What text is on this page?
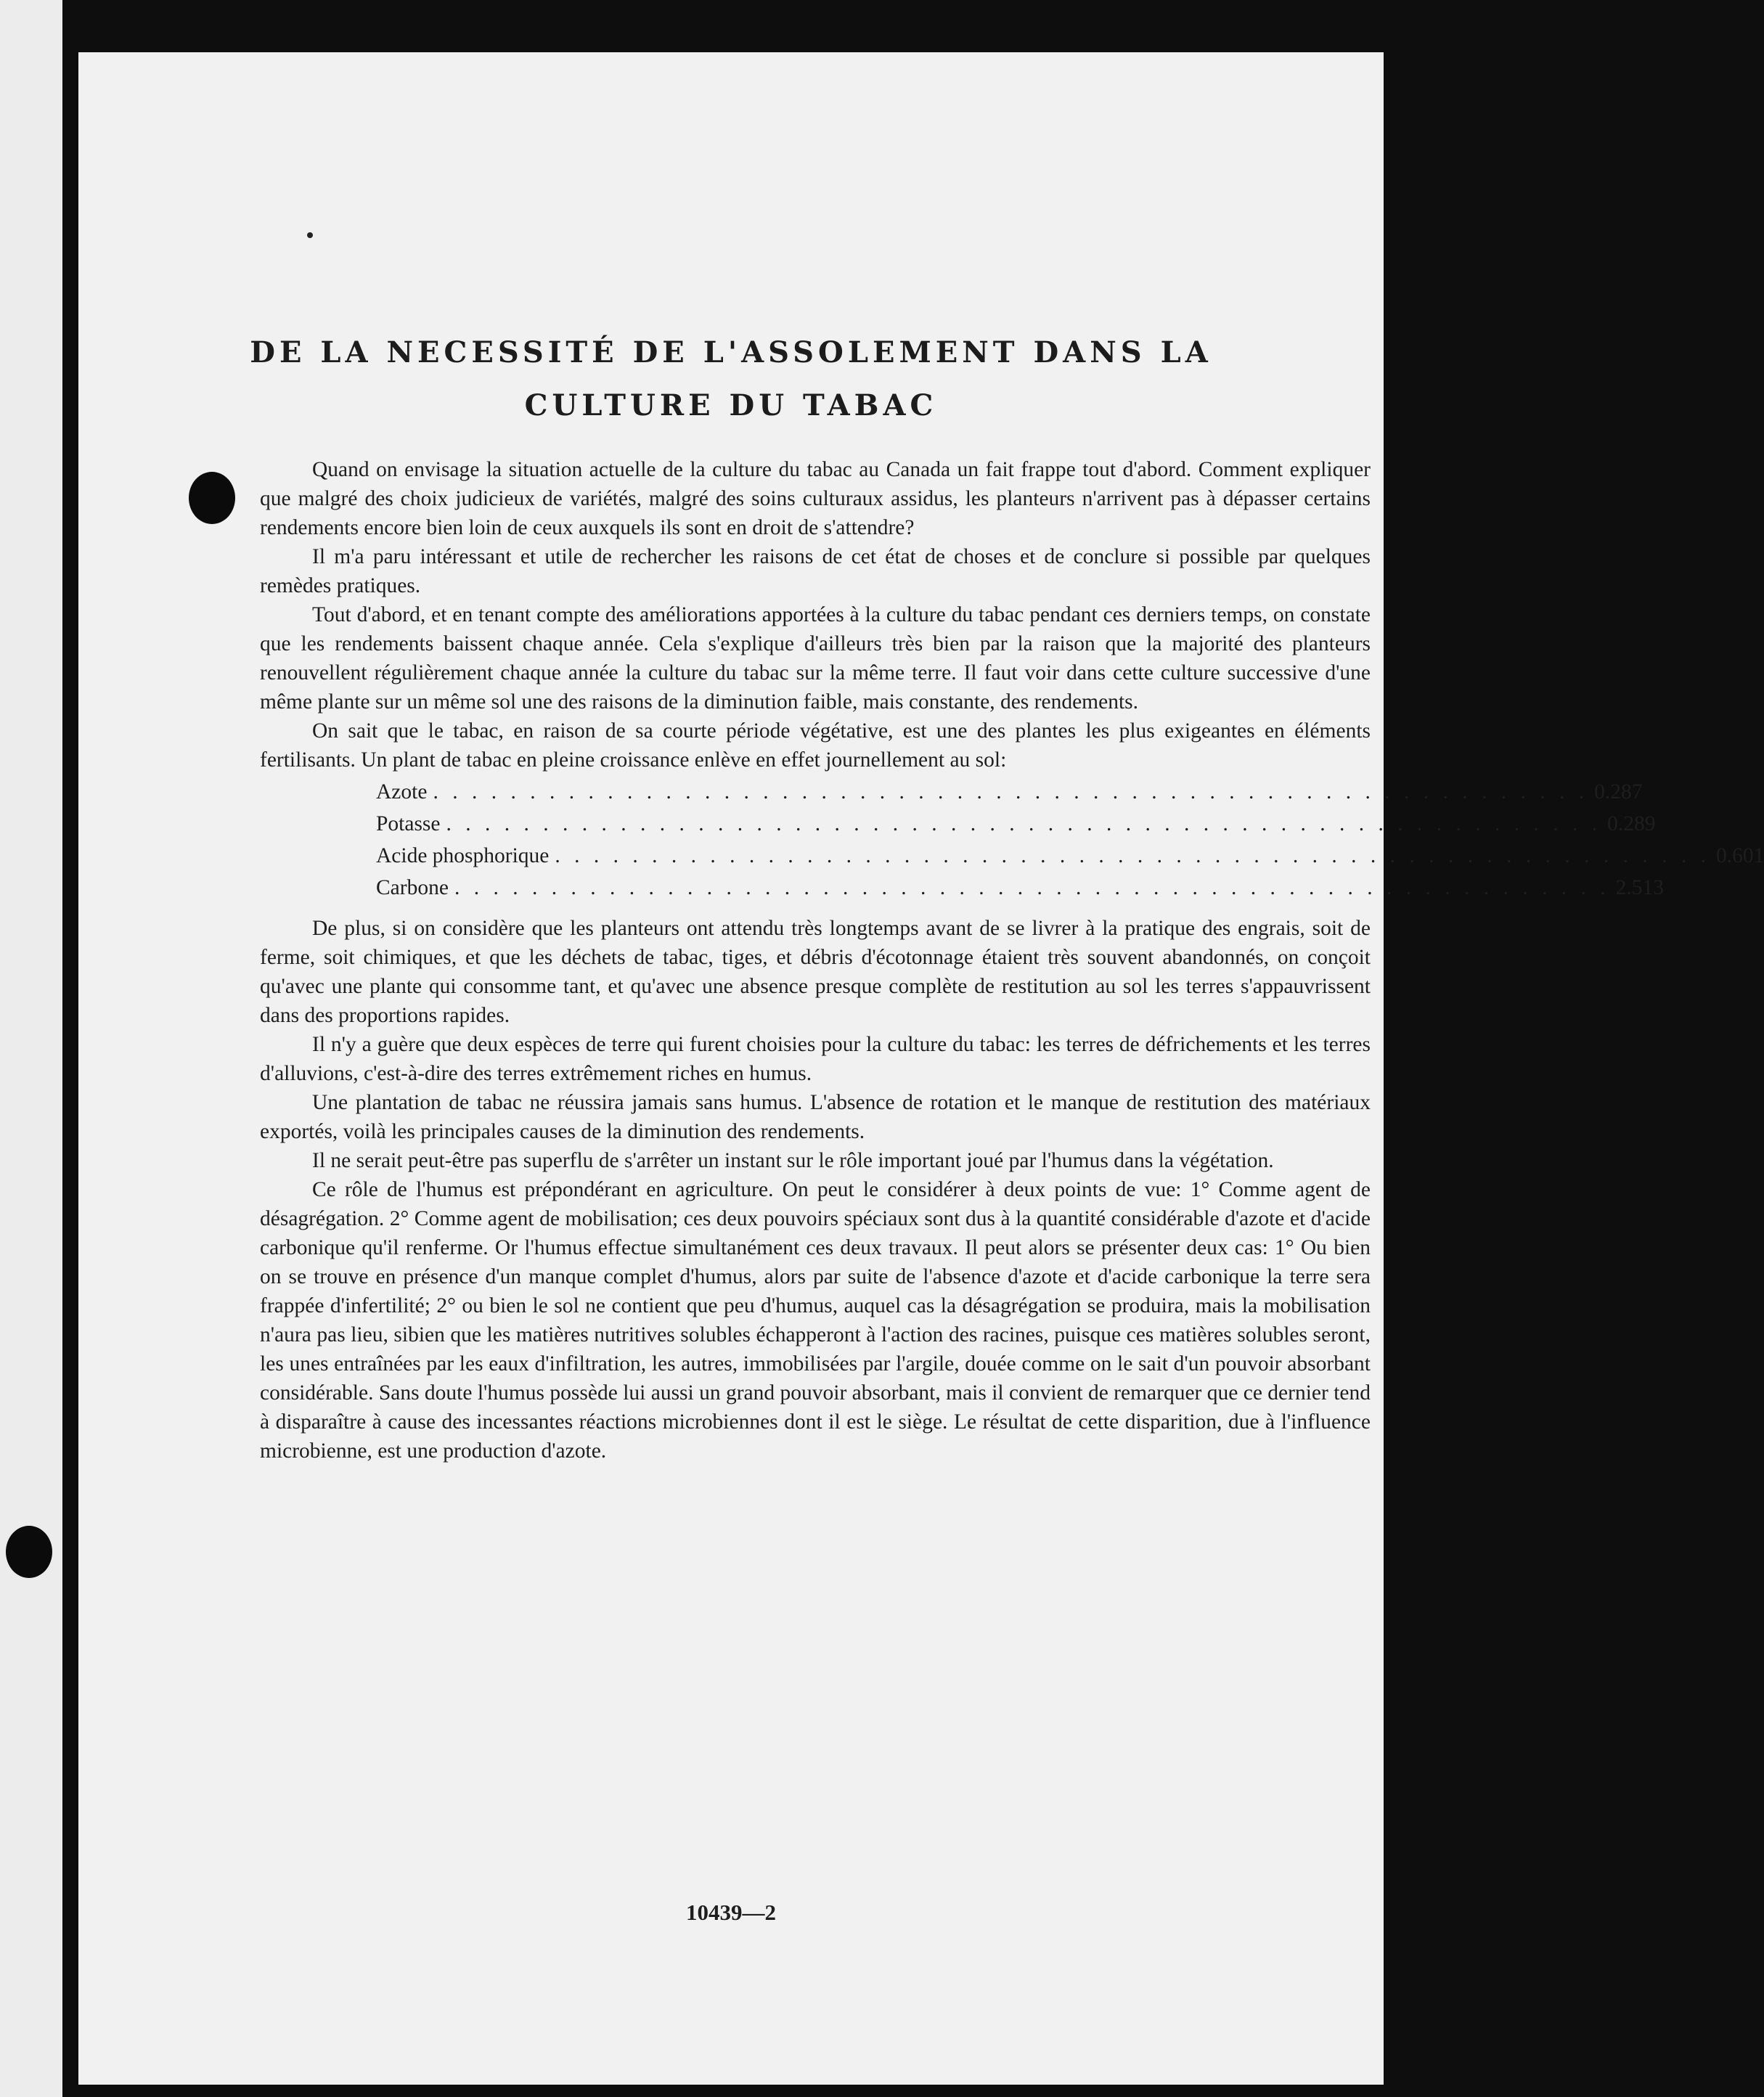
DE LA NECESSITÉ DE L'ASSOLEMENT DANS LA
CULTURE DU TABAC

Quand on envisage la situation actuelle de la culture du tabac au Canada un fait frappe tout d'abord. Comment expliquer que malgré des choix judicieux de variétés, malgré des soins culturaux assidus, les planteurs n'arrivent pas à dépasser certains rendements encore bien loin de ceux auxquels ils sont en droit de s'attendre?

Il m'a paru intéressant et utile de rechercher les raisons de cet état de choses et de conclure si possible par quelques remèdes pratiques.

Tout d'abord, et en tenant compte des améliorations apportées à la culture du tabac pendant ces derniers temps, on constate que les rendements baissent chaque année. Cela s'explique d'ailleurs très bien par la raison que la majorité des planteurs renouvellent régulièrement chaque année la culture du tabac sur la même terre. Il faut voir dans cette culture successive d'une même plante sur un même sol une des raisons de la diminution faible, mais constante, des rendements.

On sait que le tabac, en raison de sa courte période végétative, est une des plantes les plus exigeantes en éléments fertilisants. Un plant de tabac en pleine croissance enlève en effet journellement au sol:

Azote . . . . . . . . . . . . . . . . . . . . . . . . . . . . . . . . . . . . . . . . . . . . . . . . . . . . . . . . . . . . 0.287
Potasse . . . . . . . . . . . . . . . . . . . . . . . . . . . . . . . . . . . . . . . . . . . . . . . . . . . . . . . . . . . . 0.289
Acide phosphorique . . . . . . . . . . . . . . . . . . . . . . . . . . . . . . . . . . . . . . . . . . . . . . . . . . . . . . . . . . . . 0.601
Carbone . . . . . . . . . . . . . . . . . . . . . . . . . . . . . . . . . . . . . . . . . . . . . . . . . . . . . . . . . . . . 2.513

De plus, si on considère que les planteurs ont attendu très longtemps avant de se livrer à la pratique des engrais, soit de ferme, soit chimiques, et que les déchets de tabac, tiges, et débris d'écotonnage étaient très souvent abandonnés, on conçoit qu'avec une plante qui consomme tant, et qu'avec une absence presque complète de restitution au sol les terres s'appauvrissent dans des proportions rapides.

Il n'y a guère que deux espèces de terre qui furent choisies pour la culture du tabac: les terres de défrichements et les terres d'alluvions, c'est-à-dire des terres extrêmement riches en humus.

Une plantation de tabac ne réussira jamais sans humus. L'absence de rotation et le manque de restitution des matériaux exportés, voilà les principales causes de la diminution des rendements.

Il ne serait peut-être pas superflu de s'arrêter un instant sur le rôle important joué par l'humus dans la végétation.

Ce rôle de l'humus est prépondérant en agriculture. On peut le considérer à deux points de vue: 1° Comme agent de désagrégation. 2° Comme agent de mobilisation; ces deux pouvoirs spéciaux sont dus à la quantité considérable d'azote et d'acide carbonique qu'il renferme. Or l'humus effectue simultanément ces deux travaux. Il peut alors se présenter deux cas: 1° Ou bien on se trouve en présence d'un manque complet d'humus, alors par suite de l'absence d'azote et d'acide carbonique la terre sera frappée d'infertilité; 2° ou bien le sol ne contient que peu d'humus, auquel cas la désagrégation se produira, mais la mobilisation n'aura pas lieu, sibien que les matières nutritives solubles échapperont à l'action des racines, puisque ces matières solubles seront, les unes entraînées par les eaux d'infiltration, les autres, immobilisées par l'argile, douée comme on le sait d'un pouvoir absorbant considérable. Sans doute l'humus possède lui aussi un grand pouvoir absorbant, mais il convient de remarquer que ce dernier tend à disparaître à cause des incessantes réactions microbiennes dont il est le siège. Le résultat de cette disparition, due à l'influence microbienne, est une production d'azote.

10439—2
